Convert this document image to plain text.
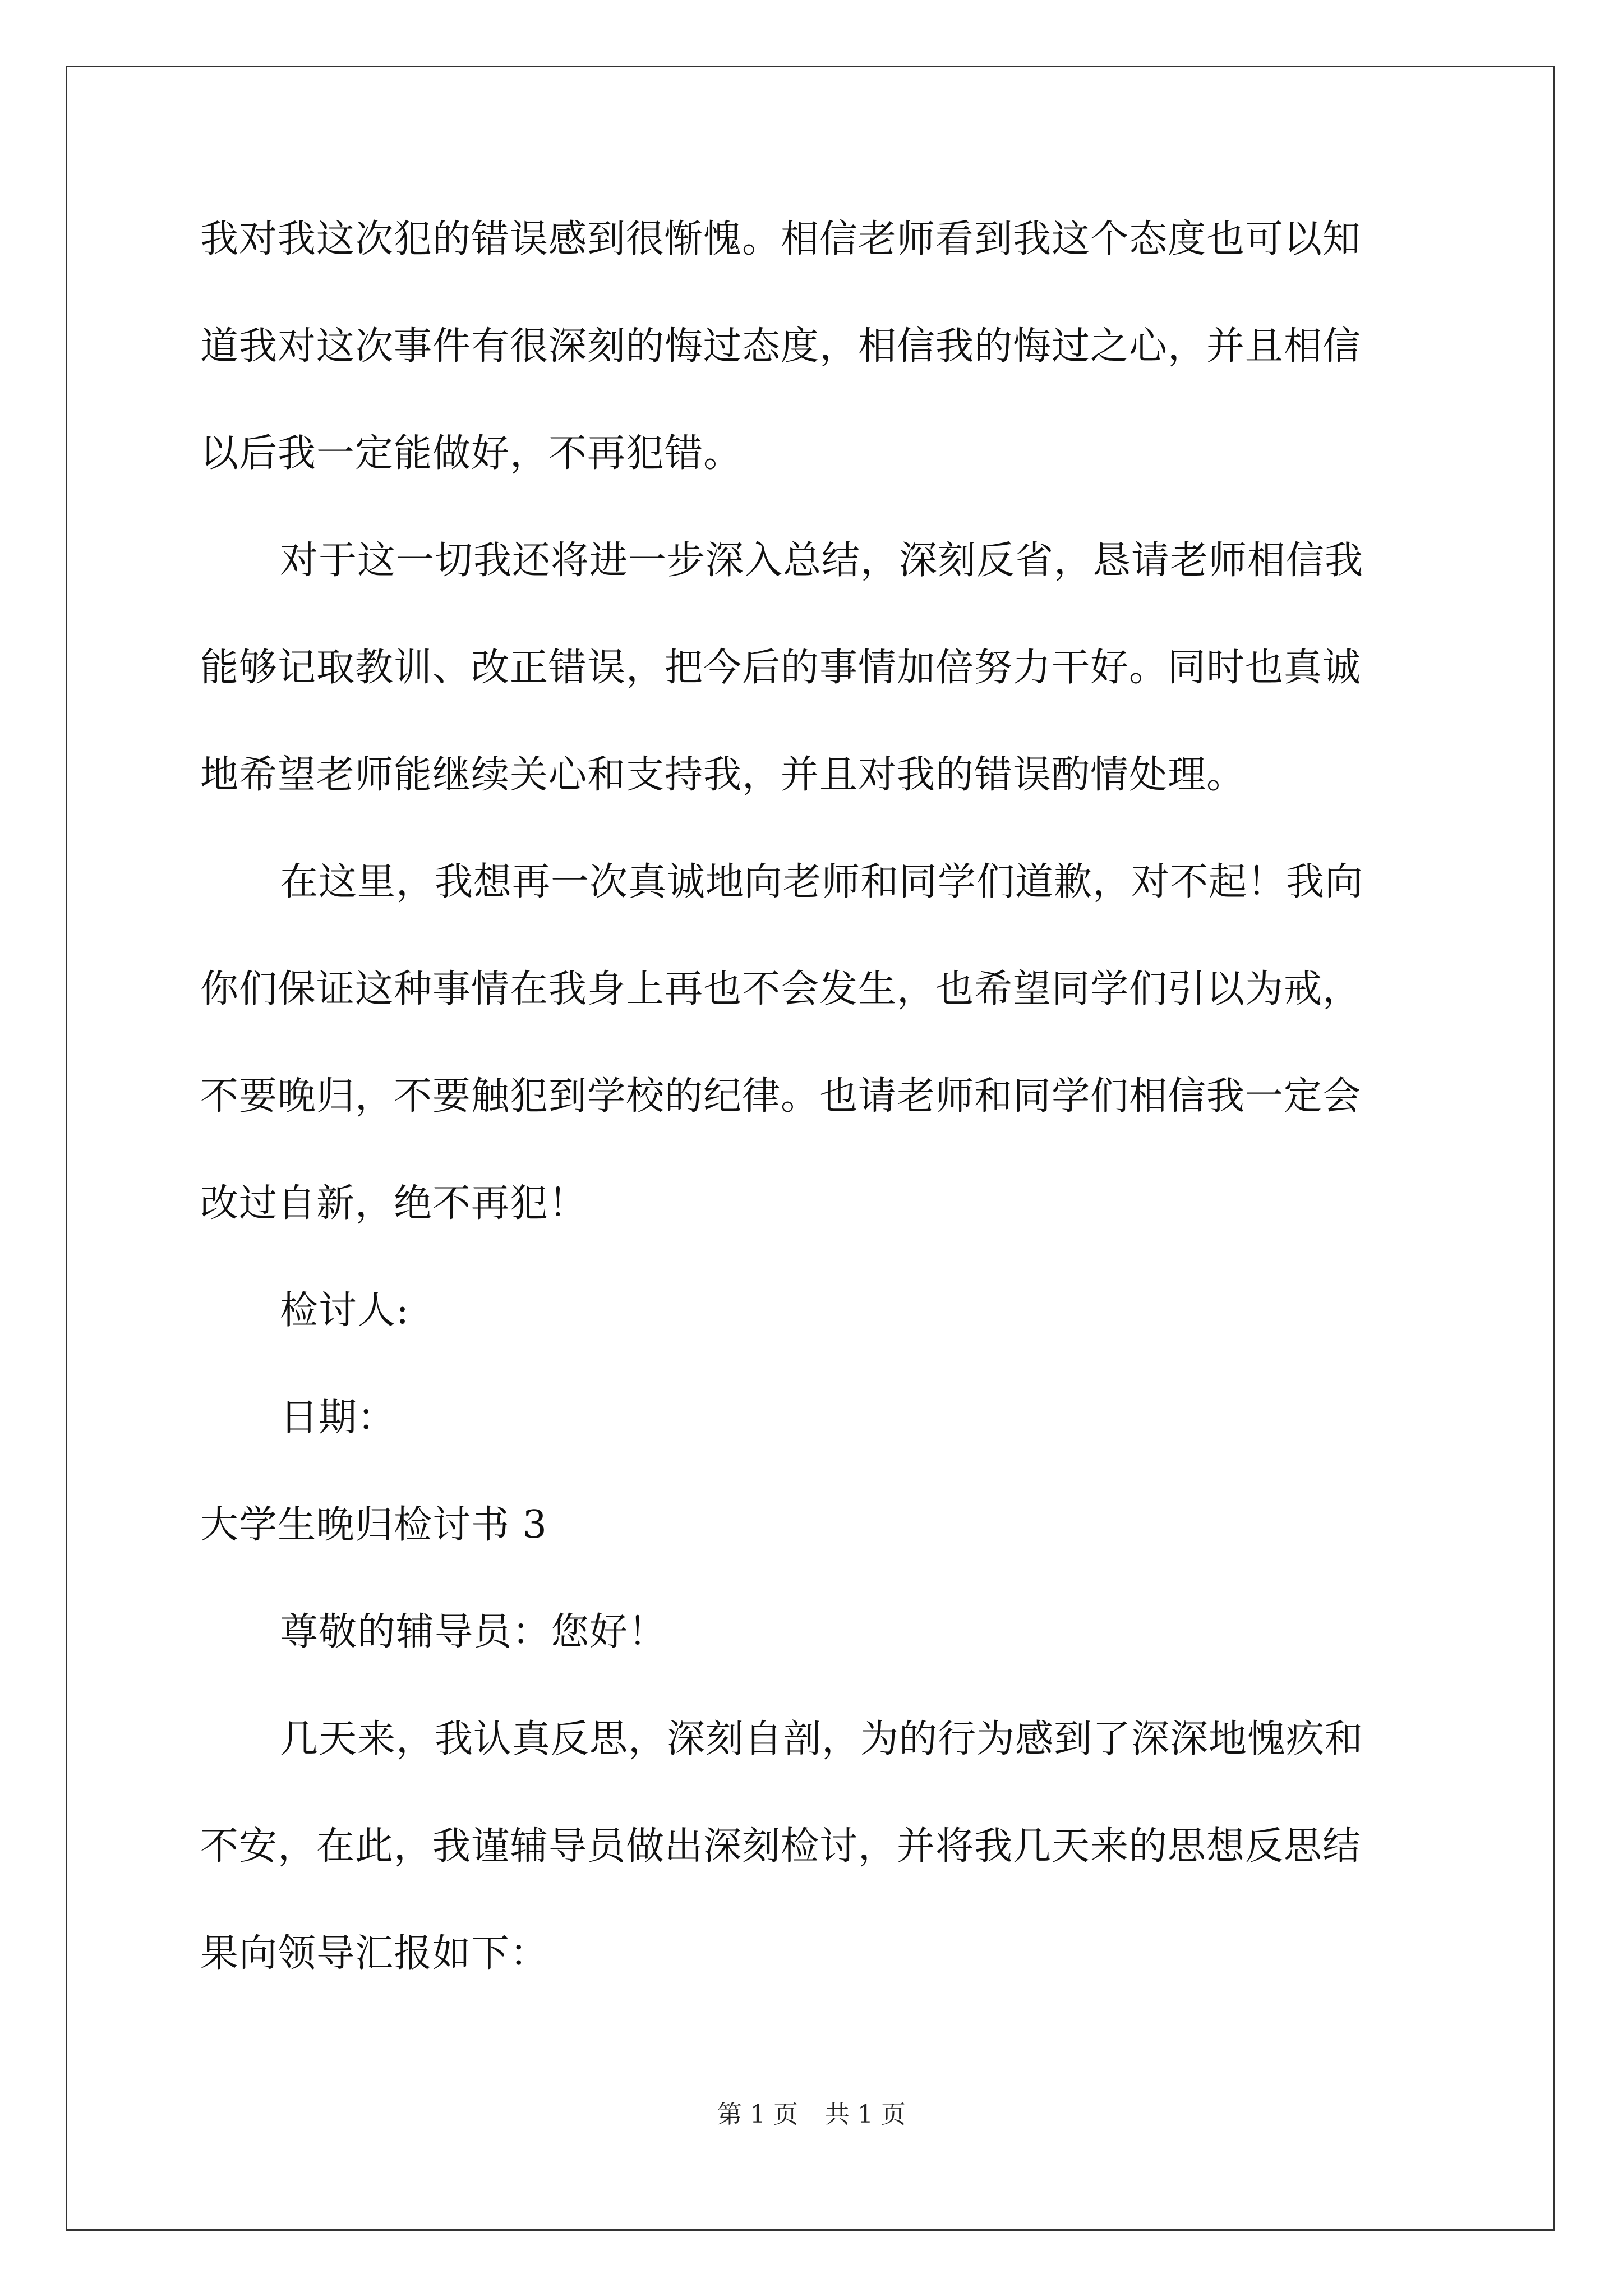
我对我这次犯的错误感到很惭愧。相信老师看到我这个态度也可以知
道我对这次事件有很深刻的悔过态度，相信我的悔过之心，并且相信
以后我一定能做好，不再犯错。
对于这一切我还将进一步深入总结，深刻反省，恳请老师相信我
能够记取教训、改正错误，把今后的事情加倍努力干好。同时也真诚
地希望老师能继续关心和支持我，并且对我的错误酌情处理。
在这里，我想再一次真诚地向老师和同学们道歉，对不起！我向
你们保证这种事情在我身上再也不会发生，也希望同学们引以为戒，
不要晚归，不要触犯到学校的纪律。也请老师和同学们相信我一定会
改过自新，绝不再犯！
检讨人:
日期：
大学生晚归检讨书 3
尊敬的辅导员：您好！
几天来，我认真反思，深刻自剖，为的行为感到了深深地愧疚和
不安，在此，我谨辅导员做出深刻检讨，并将我几天来的思想反思结
果向领导汇报如下：
第 1 页 共 1 页
